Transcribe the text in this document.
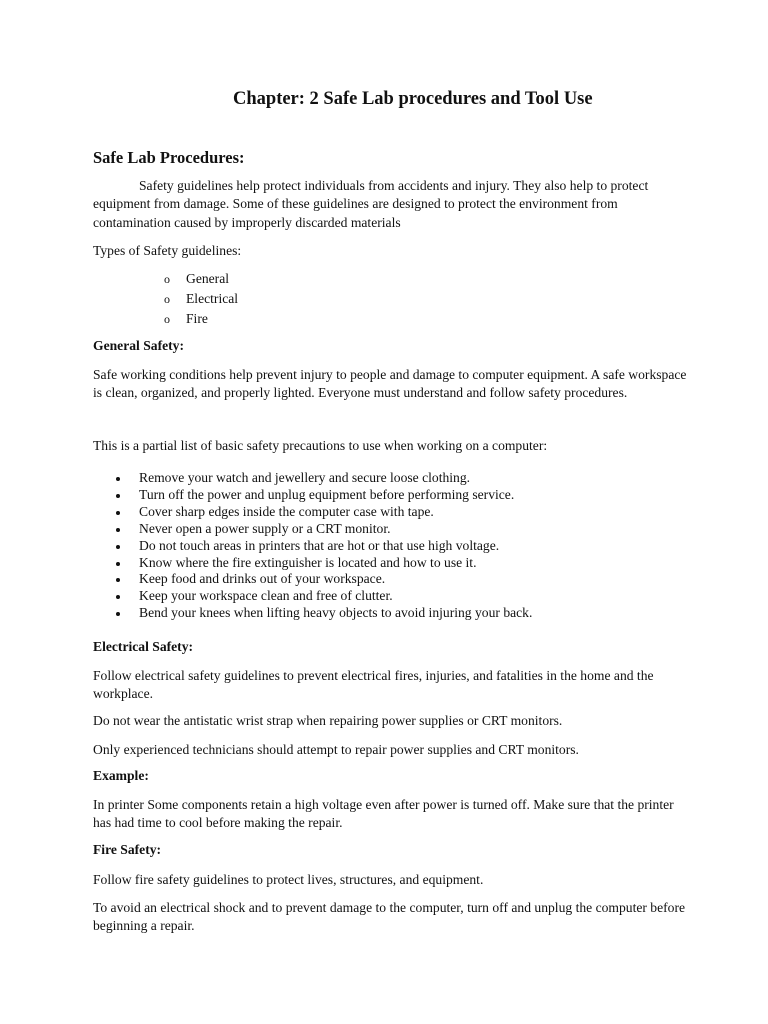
Chapter: 2 Safe Lab procedures and Tool Use
Safe Lab Procedures:

Safety guidelines help protect individuals from accidents and injury. They also help to protect equipment from damage. Some of these guidelines are designed to protect the environment from contamination caused by improperly discarded materials

Types of Safety guidelines:

o General
o Electrical
o Fire
General Safety:

Safe working conditions help prevent injury to people and damage to computer equipment. A safe workspace is clean, organized, and properly lighted. Everyone must understand and follow safety procedures.

This is a partial list of basic safety precautions to use when working on a computer:

Remove your watch and jewellery and secure loose clothing.
Turn off the power and unplug equipment before performing service.
Cover sharp edges inside the computer case with tape.
Never open a power supply or a CRT monitor.
Do not touch areas in printers that are hot or that use high voltage.
Know where the fire extinguisher is located and how to use it.
Keep food and drinks out of your workspace.
Keep your workspace clean and free of clutter.
Bend your knees when lifting heavy objects to avoid injuring your back.
Electrical Safety:

Follow electrical safety guidelines to prevent electrical fires, injuries, and fatalities in the home and the workplace.

Do not wear the antistatic wrist strap when repairing power supplies or CRT monitors.

Only experienced technicians should attempt to repair power supplies and CRT monitors.

Example:

In printer Some components retain a high voltage even after power is turned off. Make sure that the printer has had time to cool before making the repair.

Fire Safety:

Follow fire safety guidelines to protect lives, structures, and equipment.

To avoid an electrical shock and to prevent damage to the computer, turn off and unplug the computer before beginning a repair.
